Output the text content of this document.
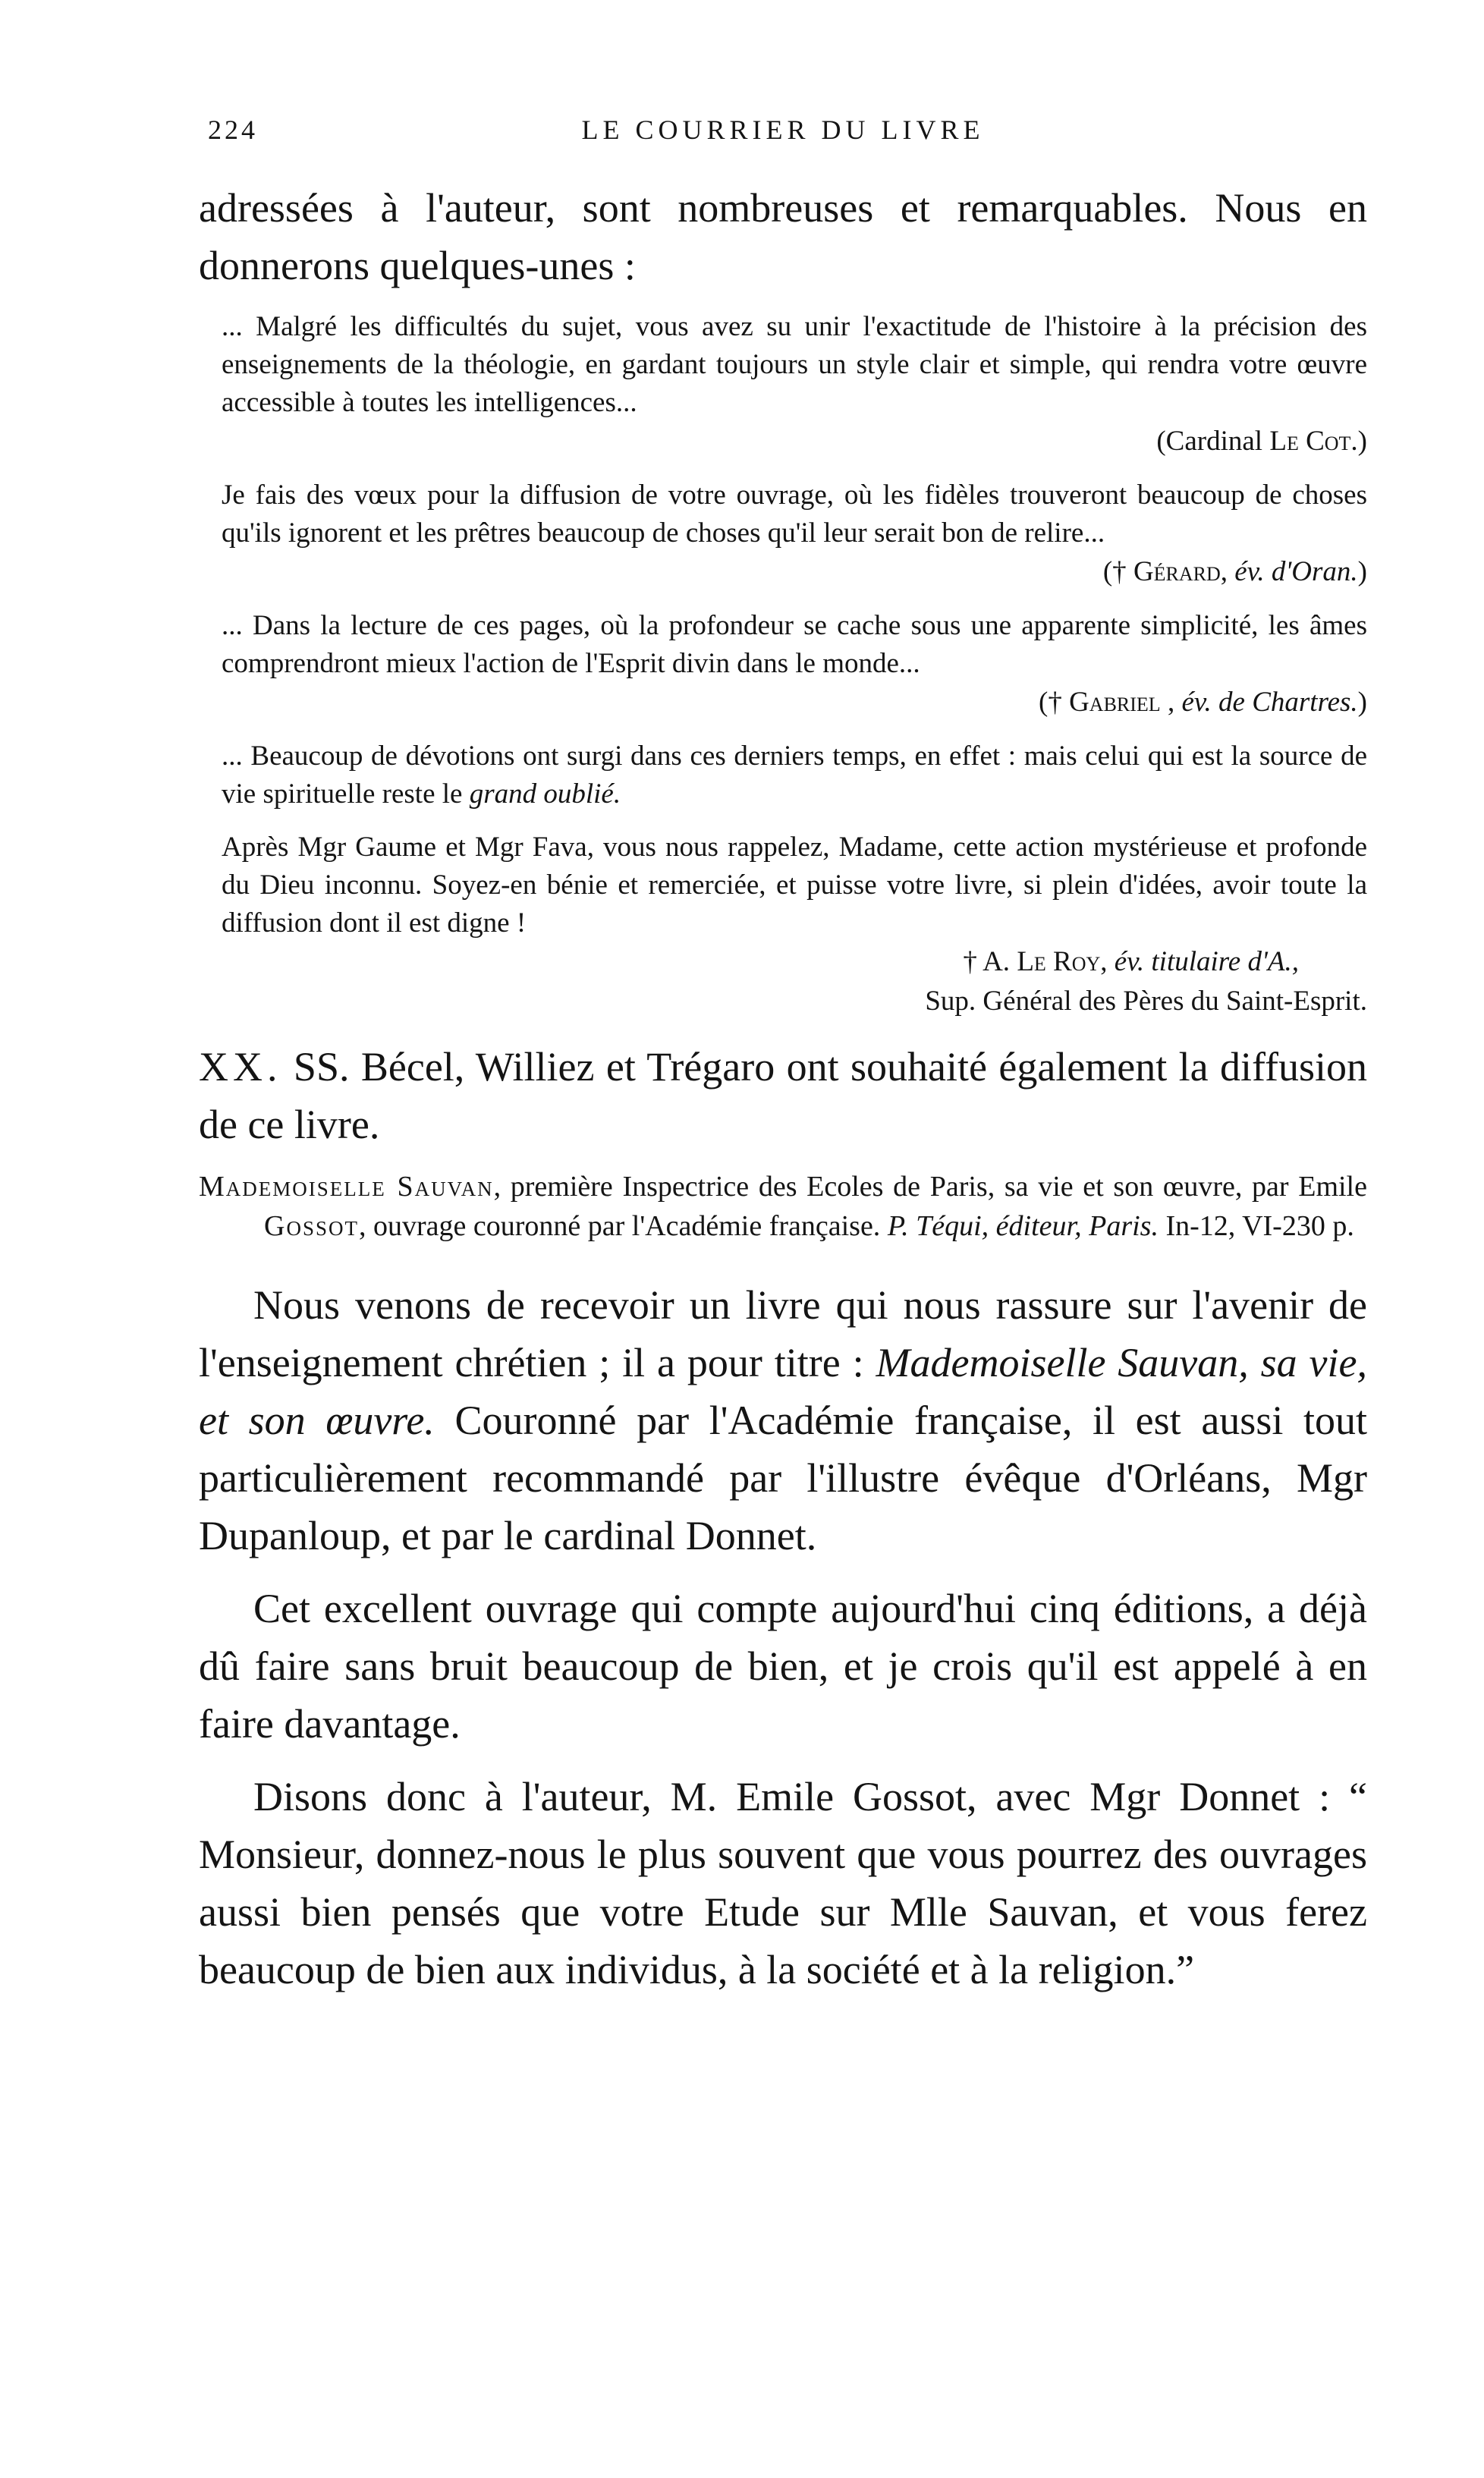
224	LE COURRIER DU LIVRE

adressées à l'auteur, sont nombreuses et remarquables. Nous en donnerons quelques-unes :

... Malgré les difficultés du sujet, vous avez su unir l'exactitude de l'histoire à la précision des enseignements de la théologie, en gardant toujours un style clair et simple, qui rendra votre œuvre accessible à toutes les intelligences...

(Cardinal Le Cot.)

Je fais des vœux pour la diffusion de votre ouvrage, où les fidèles trouveront beaucoup de choses qu'ils ignorent et les prêtres beaucoup de choses qu'il leur serait bon de relire...

(† Gérard, év. d'Oran.)

... Dans la lecture de ces pages, où la profondeur se cache sous une apparente simplicité, les âmes comprendront mieux l'action de l'Esprit divin dans le monde...

(† Gabriel , év. de Chartres.)

... Beaucoup de dévotions ont surgi dans ces derniers temps, en effet : mais celui qui est la source de vie spirituelle reste le grand oublié.

Après Mgr Gaume et Mgr Fava, vous nous rappelez, Madame, cette action mystérieuse et profonde du Dieu inconnu. Soyez-en bénie et remerciée, et puisse votre livre, si plein d'idées, avoir toute la diffusion dont il est digne !

† A. Le Roy, év. titulaire d'A.,

Sup. Général des Pères du Saint-Esprit.

XX. SS. Bécel, Williez et Trégaro ont souhaité également la diffusion de ce livre.

Mademoiselle Sauvan, première Inspectrice des Ecoles de Paris, sa vie et son œuvre, par Emile Gossot, ouvrage couronné par l'Académie française. P. Téqui, éditeur, Paris. In-12, VI-230 p.

Nous venons de recevoir un livre qui nous rassure sur l'avenir de l'enseignement chrétien ; il a pour titre : Mademoiselle Sauvan, sa vie, et son œuvre. Couronné par l'Académie française, il est aussi tout particulièrement recommandé par l'illustre évêque d'Orléans, Mgr Dupanloup, et par le cardinal Donnet.

Cet excellent ouvrage qui compte aujourd'hui cinq éditions, a déjà dû faire sans bruit beaucoup de bien, et je crois qu'il est appelé à en faire davantage.

Disons donc à l'auteur, M. Emile Gossot, avec Mgr Donnet : “ Monsieur, donnez-nous le plus souvent que vous pourrez des ouvrages aussi bien pensés que votre Etude sur Mlle Sauvan, et vous ferez beaucoup de bien aux individus, à la société et à la religion.”
